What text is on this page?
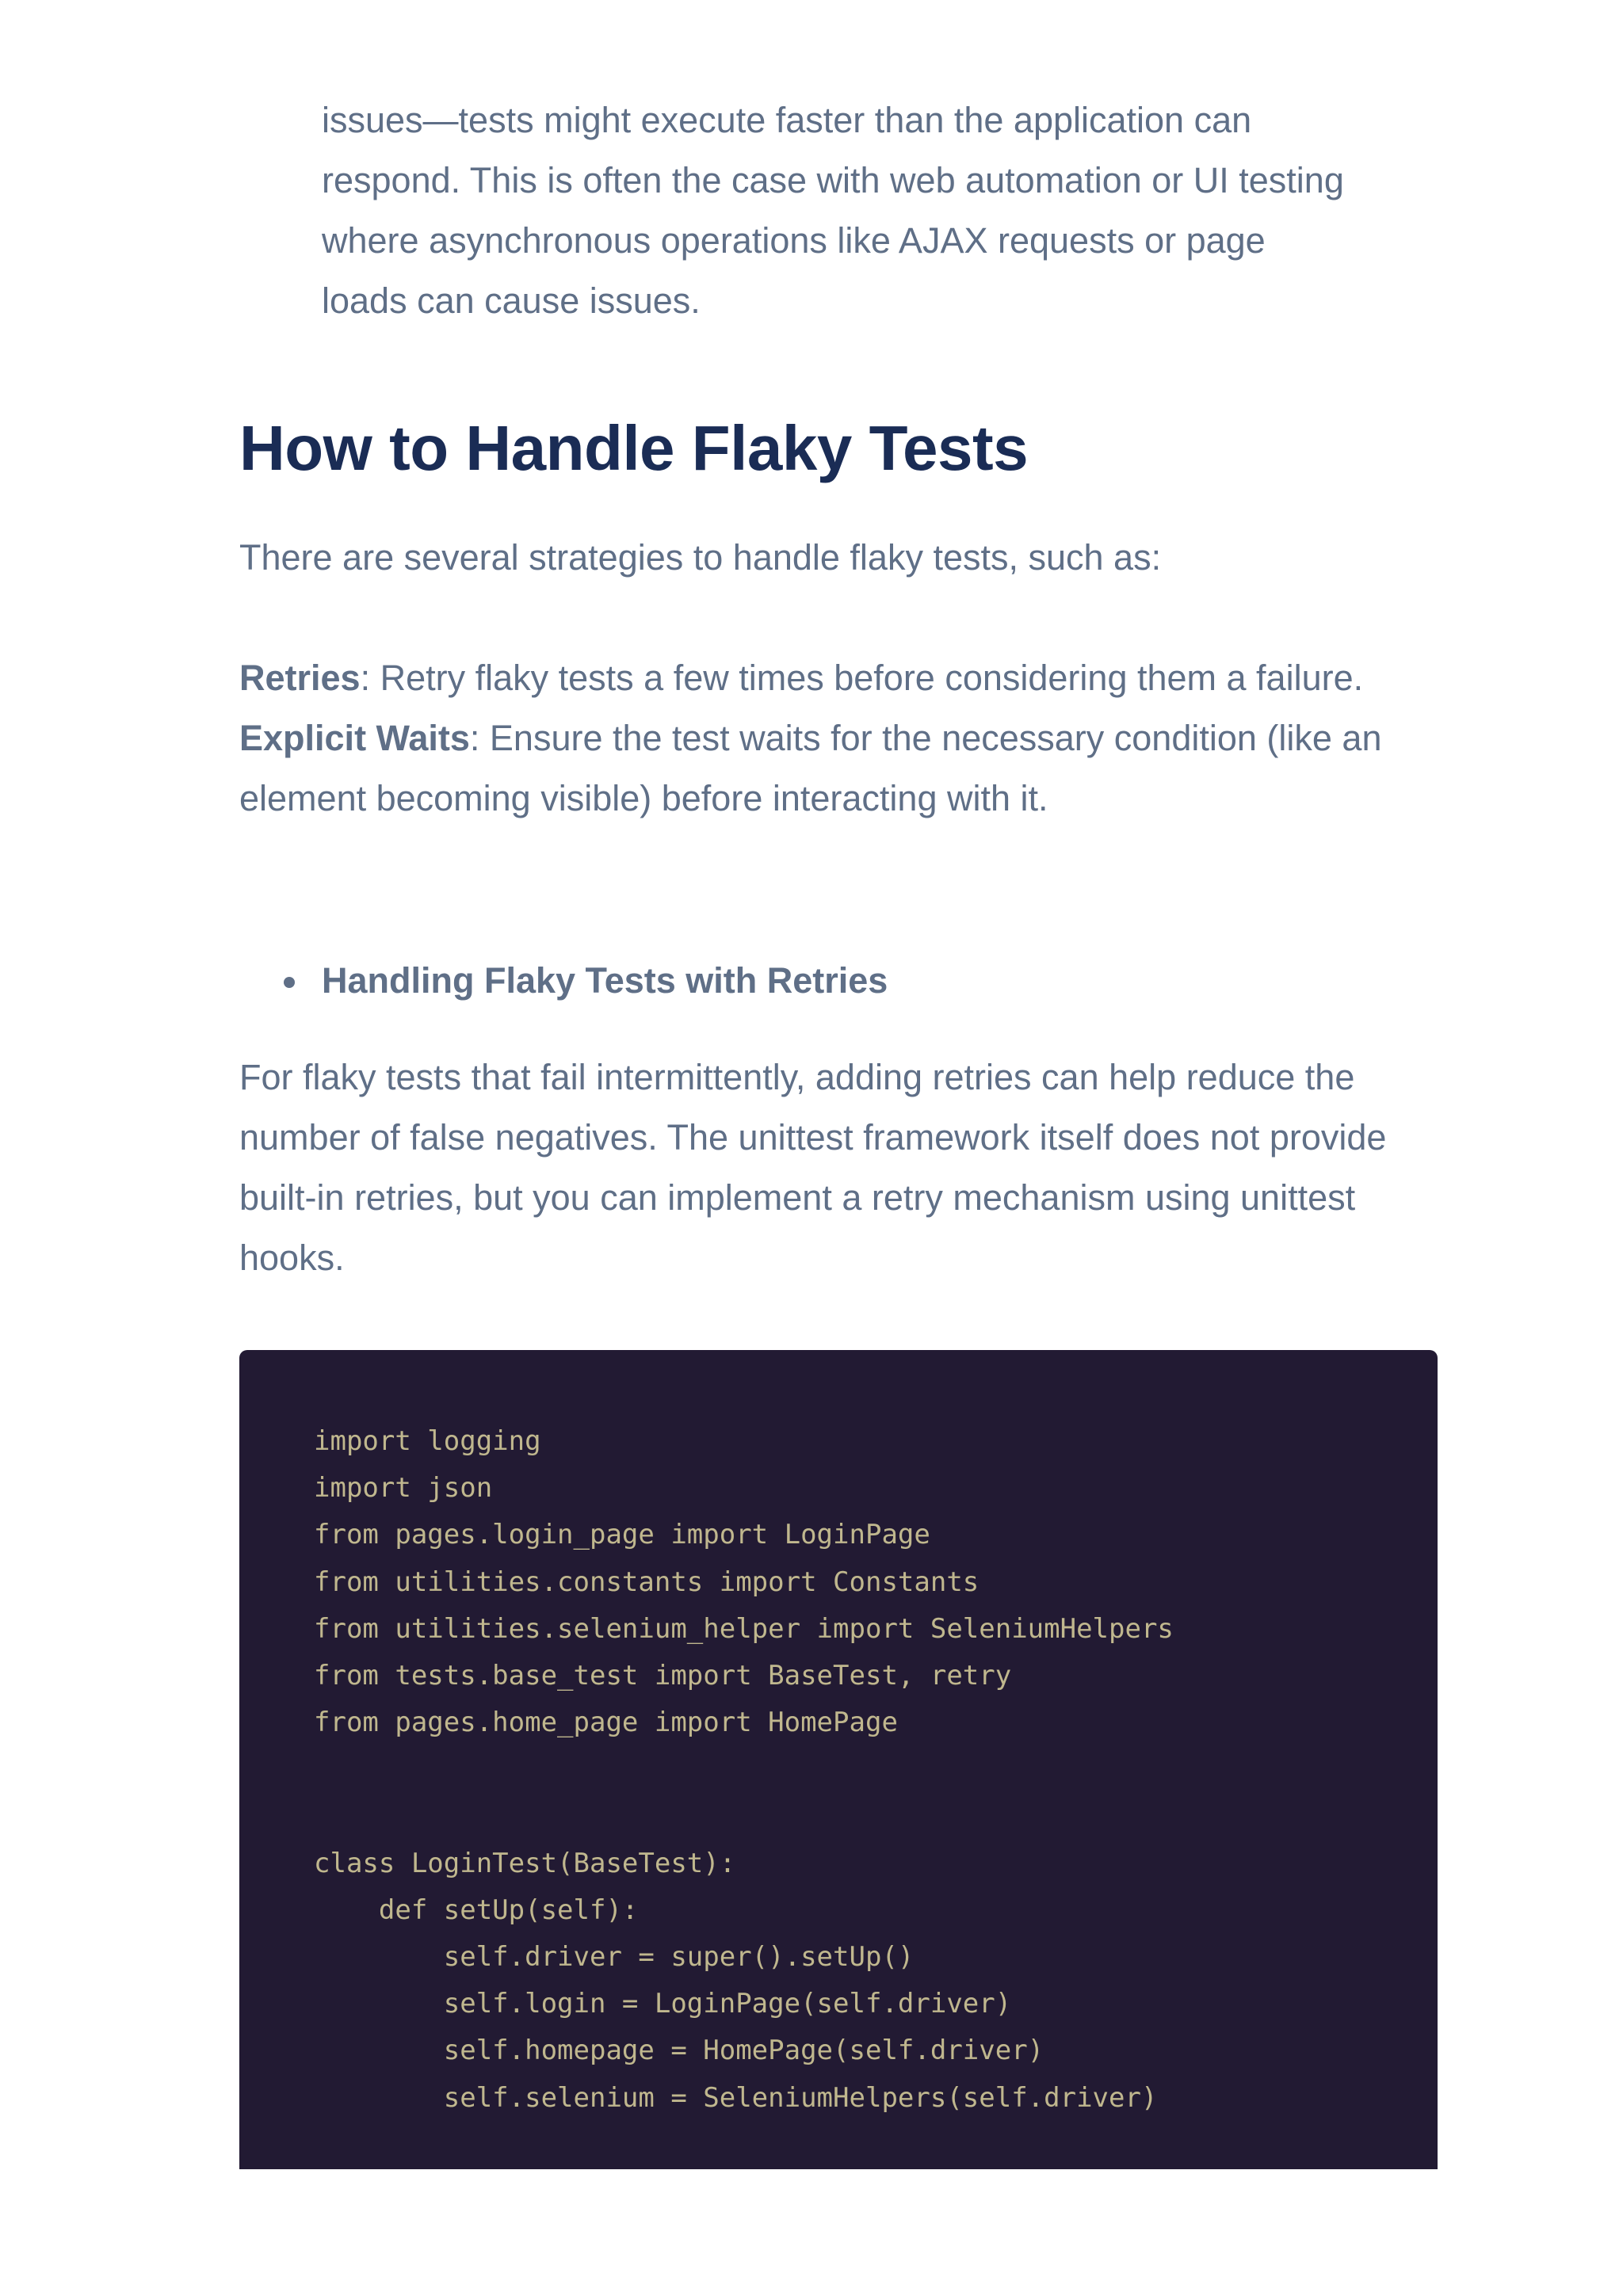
issues—tests might execute faster than the application can
respond. This is often the case with web automation or UI testing
where asynchronous operations like AJAX requests or page
loads can cause issues.
How to Handle Flaky Tests

There are several strategies to handle flaky tests, such as:

Retries: Retry flaky tests a few times before considering them a failure.

Explicit Waits: Ensure the test waits for the necessary condition (like an element becoming visible) before interacting with it.

Handling Flaky Tests with Retries

For flaky tests that fail intermittently, adding retries can help reduce the number of false negatives. The unittest framework itself does not provide built-in retries, but you can implement a retry mechanism using unittest hooks.

import logging
import json
from pages.login_page import LoginPage
from utilities.constants import Constants
from utilities.selenium_helper import SeleniumHelpers
from tests.base_test import BaseTest, retry
from pages.home_page import HomePage
class LoginTest(BaseTest):
def setUp(self):
self.driver = super().setUp()
self.login = LoginPage(self.driver)
self.homepage = HomePage(self.driver)
self.selenium = SeleniumHelpers(self.driver)
